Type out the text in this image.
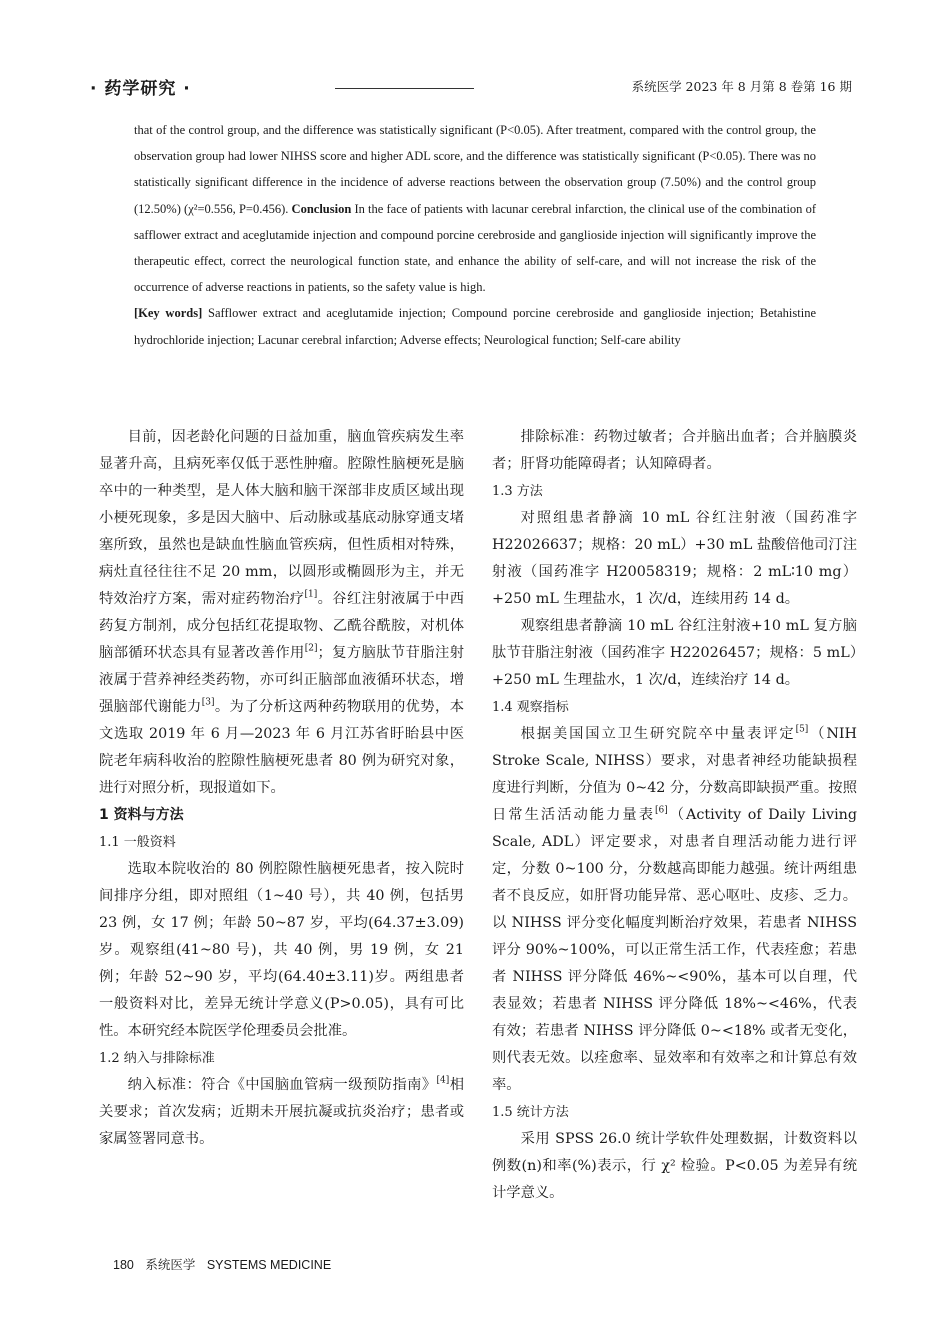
· 药学研究 ·	系统医学 2023 年 8 月第 8 卷第 16 期

that of the control group, and the difference was statistically significant (P<0.05). After treatment, compared with the control group, the observation group had lower NIHSS score and higher ADL score, and the difference was statistically significant (P<0.05). There was no statistically significant difference in the incidence of adverse reactions between the observation group (7.50%) and the control group (12.50%) (χ²=0.556, P=0.456). Conclusion In the face of patients with lacunar cerebral infarction, the clinical use of the combination of safflower extract and aceglutamide injection and compound porcine cerebroside and ganglioside injection will significantly improve the therapeutic effect, correct the neurological function state, and enhance the ability of self-care, and will not increase the risk of the occurrence of adverse reactions in patients, so the safety value is high.

[Key words] Safflower extract and aceglutamide injection; Compound porcine cerebroside and ganglioside injection; Betahistine hydrochloride injection; Lacunar cerebral infarction; Adverse effects; Neurological function; Self-care ability

目前，因老龄化问题的日益加重，脑血管疾病发生率显著升高，且病死率仅低于恶性肿瘤。腔隙性脑梗死是脑卒中的一种类型，是人体大脑和脑干深部非皮质区域出现小梗死现象，多是因大脑中、后动脉或基底动脉穿通支堵塞所致，虽然也是缺血性脑血管疾病，但性质相对特殊，病灶直径往往不足 20 mm，以圆形或椭圆形为主，并无特效治疗方案，需对症药物治疗[1]。谷红注射液属于中西药复方制剂，成分包括红花提取物、乙酰谷酰胺，对机体脑部循环状态具有显著改善作用[2]；复方脑肽节苷脂注射液属于营养神经类药物，亦可纠正脑部血液循环状态，增强脑部代谢能力[3]。为了分析这两种药物联用的优势，本文选取 2019 年 6 月—2023 年 6 月江苏省盱眙县中医院老年病科收治的腔隙性脑梗死患者 80 例为研究对象，进行对照分析，现报道如下。

1 资料与方法

1.1 一般资料

选取本院收治的 80 例腔隙性脑梗死患者，按入院时间排序分组，即对照组（1~40 号），共 40 例，包括男 23 例，女 17 例；年龄 50~87 岁，平均(64.37±3.09)岁。观察组(41~80 号)，共 40 例，男 19 例，女 21 例；年龄 52~90 岁，平均(64.40±3.11)岁。两组患者一般资料对比，差异无统计学意义(P>0.05)，具有可比性。本研究经本院医学伦理委员会批准。

1.2 纳入与排除标准

纳入标准：符合《中国脑血管病一级预防指南》[4]相关要求；首次发病；近期未开展抗凝或抗炎治疗；患者或家属签署同意书。

排除标准：药物过敏者；合并脑出血者；合并脑膜炎者；肝肾功能障碍者；认知障碍者。

1.3 方法

对照组患者静滴 10 mL 谷红注射液（国药准字 H22026637；规格：20 mL）+30 mL 盐酸倍他司汀注射液（国药准字 H20058319；规格：2 mL∶10 mg）+250 mL 生理盐水，1 次/d，连续用药 14 d。

观察组患者静滴 10 mL 谷红注射液+10 mL 复方脑肽节苷脂注射液（国药准字 H22026457；规格：5 mL）+250 mL 生理盐水，1 次/d，连续治疗 14 d。

1.4 观察指标

根据美国国立卫生研究院卒中量表评定[5]（NIH Stroke Scale, NIHSS）要求，对患者神经功能缺损程度进行判断，分值为 0~42 分，分数高即缺损严重。按照日常生活活动能力量表[6]（Activity of Daily Living Scale, ADL）评定要求，对患者自理活动能力进行评定，分数 0~100 分，分数越高即能力越强。统计两组患者不良反应，如肝肾功能异常、恶心呕吐、皮疹、乏力。以 NIHSS 评分变化幅度判断治疗效果，若患者 NIHSS 评分 90%~100%，可以正常生活工作，代表痊愈；若患者 NIHSS 评分降低 46%~<90%，基本可以自理，代表显效；若患者 NIHSS 评分降低 18%~<46%，代表有效；若患者 NIHSS 评分降低 0~<18% 或者无变化，则代表无效。以痊愈率、显效率和有效率之和计算总有效率。

1.5 统计方法

采用 SPSS 26.0 统计学软件处理数据，计数资料以例数(n)和率(%)表示，行 χ² 检验。P<0.05 为差异有统计学意义。

180 系统医学 SYSTEMS MEDICINE
